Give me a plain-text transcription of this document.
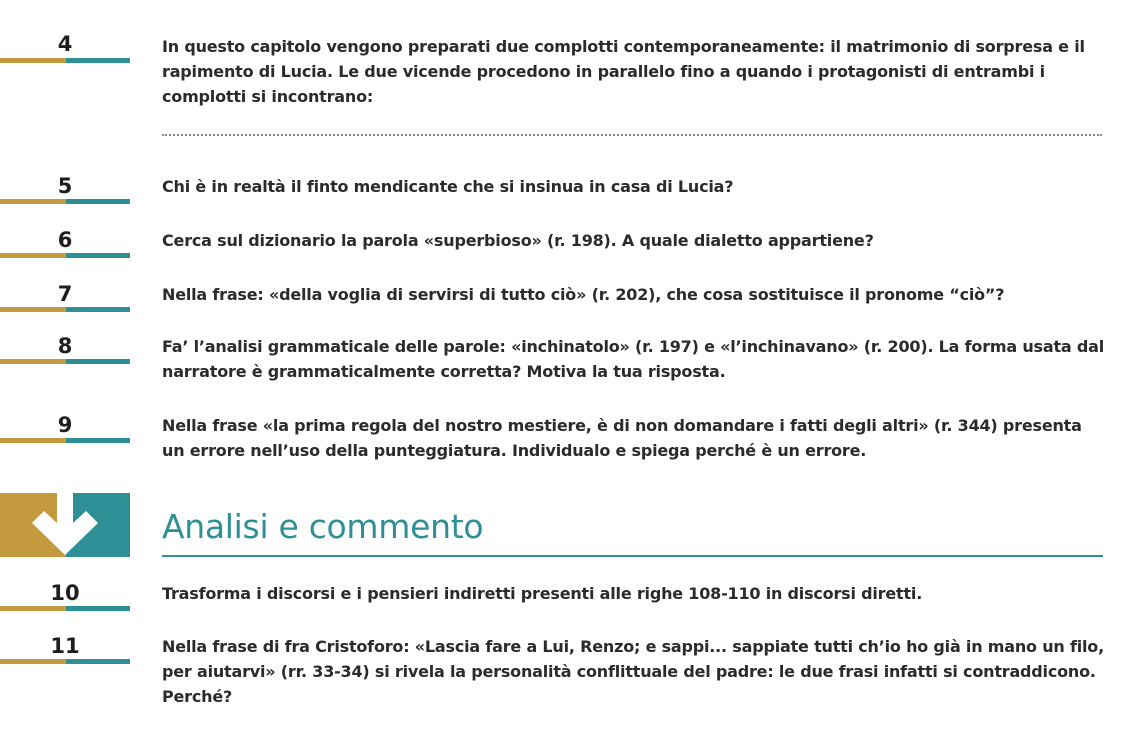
4	In questo capitolo vengono preparati due complotti contemporaneamente: il matrimonio di sorpresa e il rapimento di Lucia. Le due vicende procedono in parallelo fino a quando i protagonisti di entrambi i complotti si incontrano:
5	Chi è in realtà il finto mendicante che si insinua in casa di Lucia?
6	Cerca sul dizionario la parola «superbioso» (r. 198). A quale dialetto appartiene?
7	Nella frase: «della voglia di servirsi di tutto ciò» (r. 202), che cosa sostituisce il pronome “ciò”?
8	Fa’ l’analisi grammaticale delle parole: «inchinatolo» (r. 197) e «l’inchinavano» (r. 200). La forma usata dal narratore è grammaticalmente corretta? Motiva la tua risposta.
9	Nella frase «la prima regola del nostro mestiere, è di non domandare i fatti degli altri» (r. 344) presenta un errore nell’uso della punteggiatura. Individualo e spiega perché è un errore.
Analisi e commento
10	Trasforma i discorsi e i pensieri indiretti presenti alle righe 108-110 in discorsi diretti.
11	Nella frase di fra Cristoforo: «Lascia fare a Lui, Renzo; e sappi... sappiate tutti ch’io ho già in mano un filo, per aiutarvi» (rr. 33-34) si rivela la personalità conflittuale del padre: le due frasi infatti si contraddicono. Perché?
